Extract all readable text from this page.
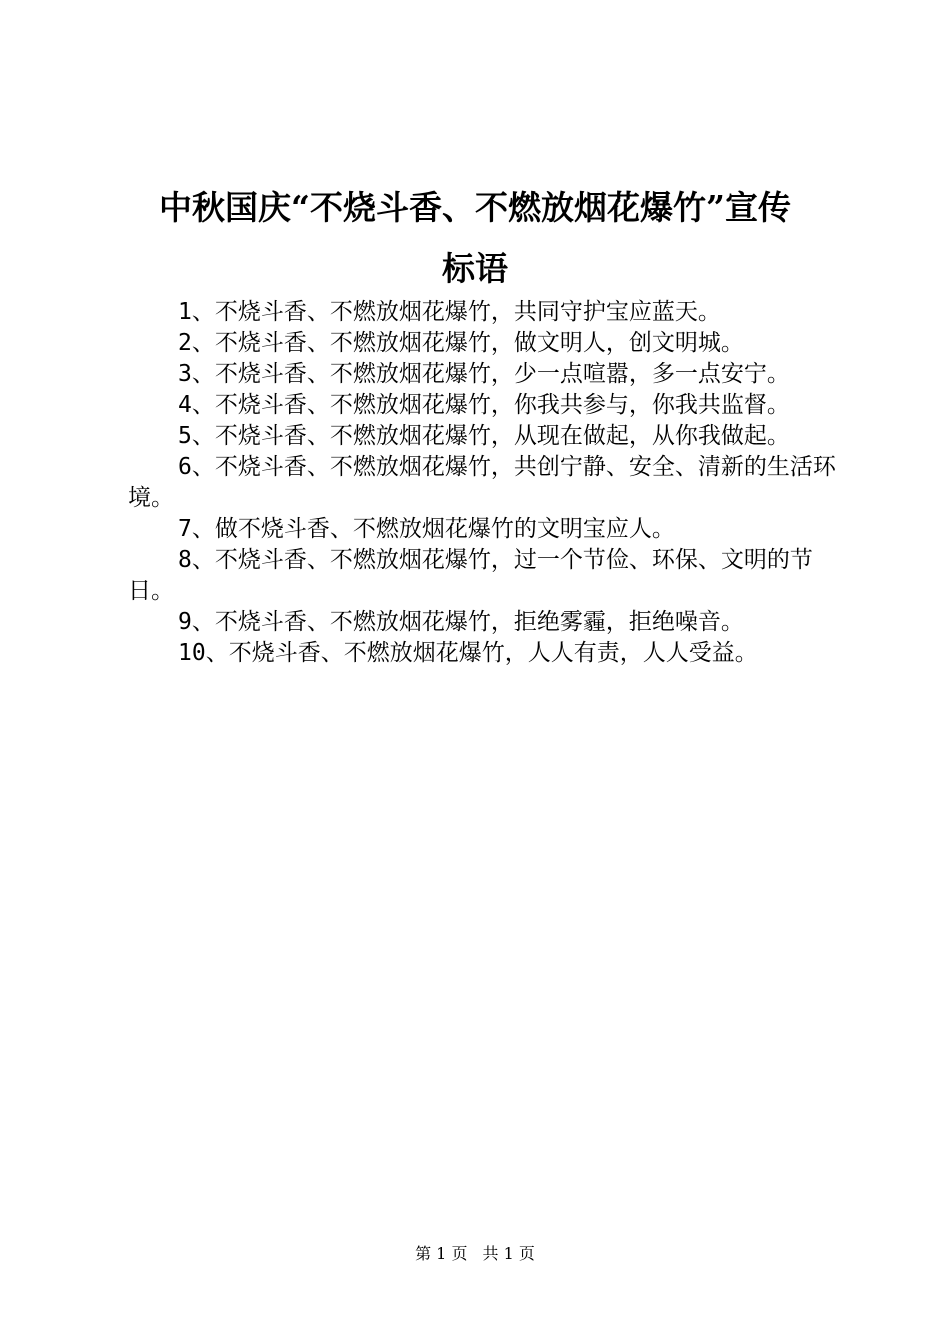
中秋国庆“不烧斗香、不燃放烟花爆竹”宣传
标语

1、不烧斗香、不燃放烟花爆竹，共同守护宝应蓝天。

2、不烧斗香、不燃放烟花爆竹，做文明人，创文明城。

3、不烧斗香、不燃放烟花爆竹，少一点喧嚣，多一点安宁。

4、不烧斗香、不燃放烟花爆竹，你我共参与，你我共监督。

5、不烧斗香、不燃放烟花爆竹，从现在做起，从你我做起。

6、不烧斗香、不燃放烟花爆竹，共创宁静、安全、清新的生活环境。

7、做不烧斗香、不燃放烟花爆竹的文明宝应人。

8、不烧斗香、不燃放烟花爆竹，过一个节俭、环保、文明的节日。

9、不烧斗香、不燃放烟花爆竹，拒绝雾霾，拒绝噪音。

10、不烧斗香、不燃放烟花爆竹，人人有责，人人受益。

第 1 页 共 1 页
